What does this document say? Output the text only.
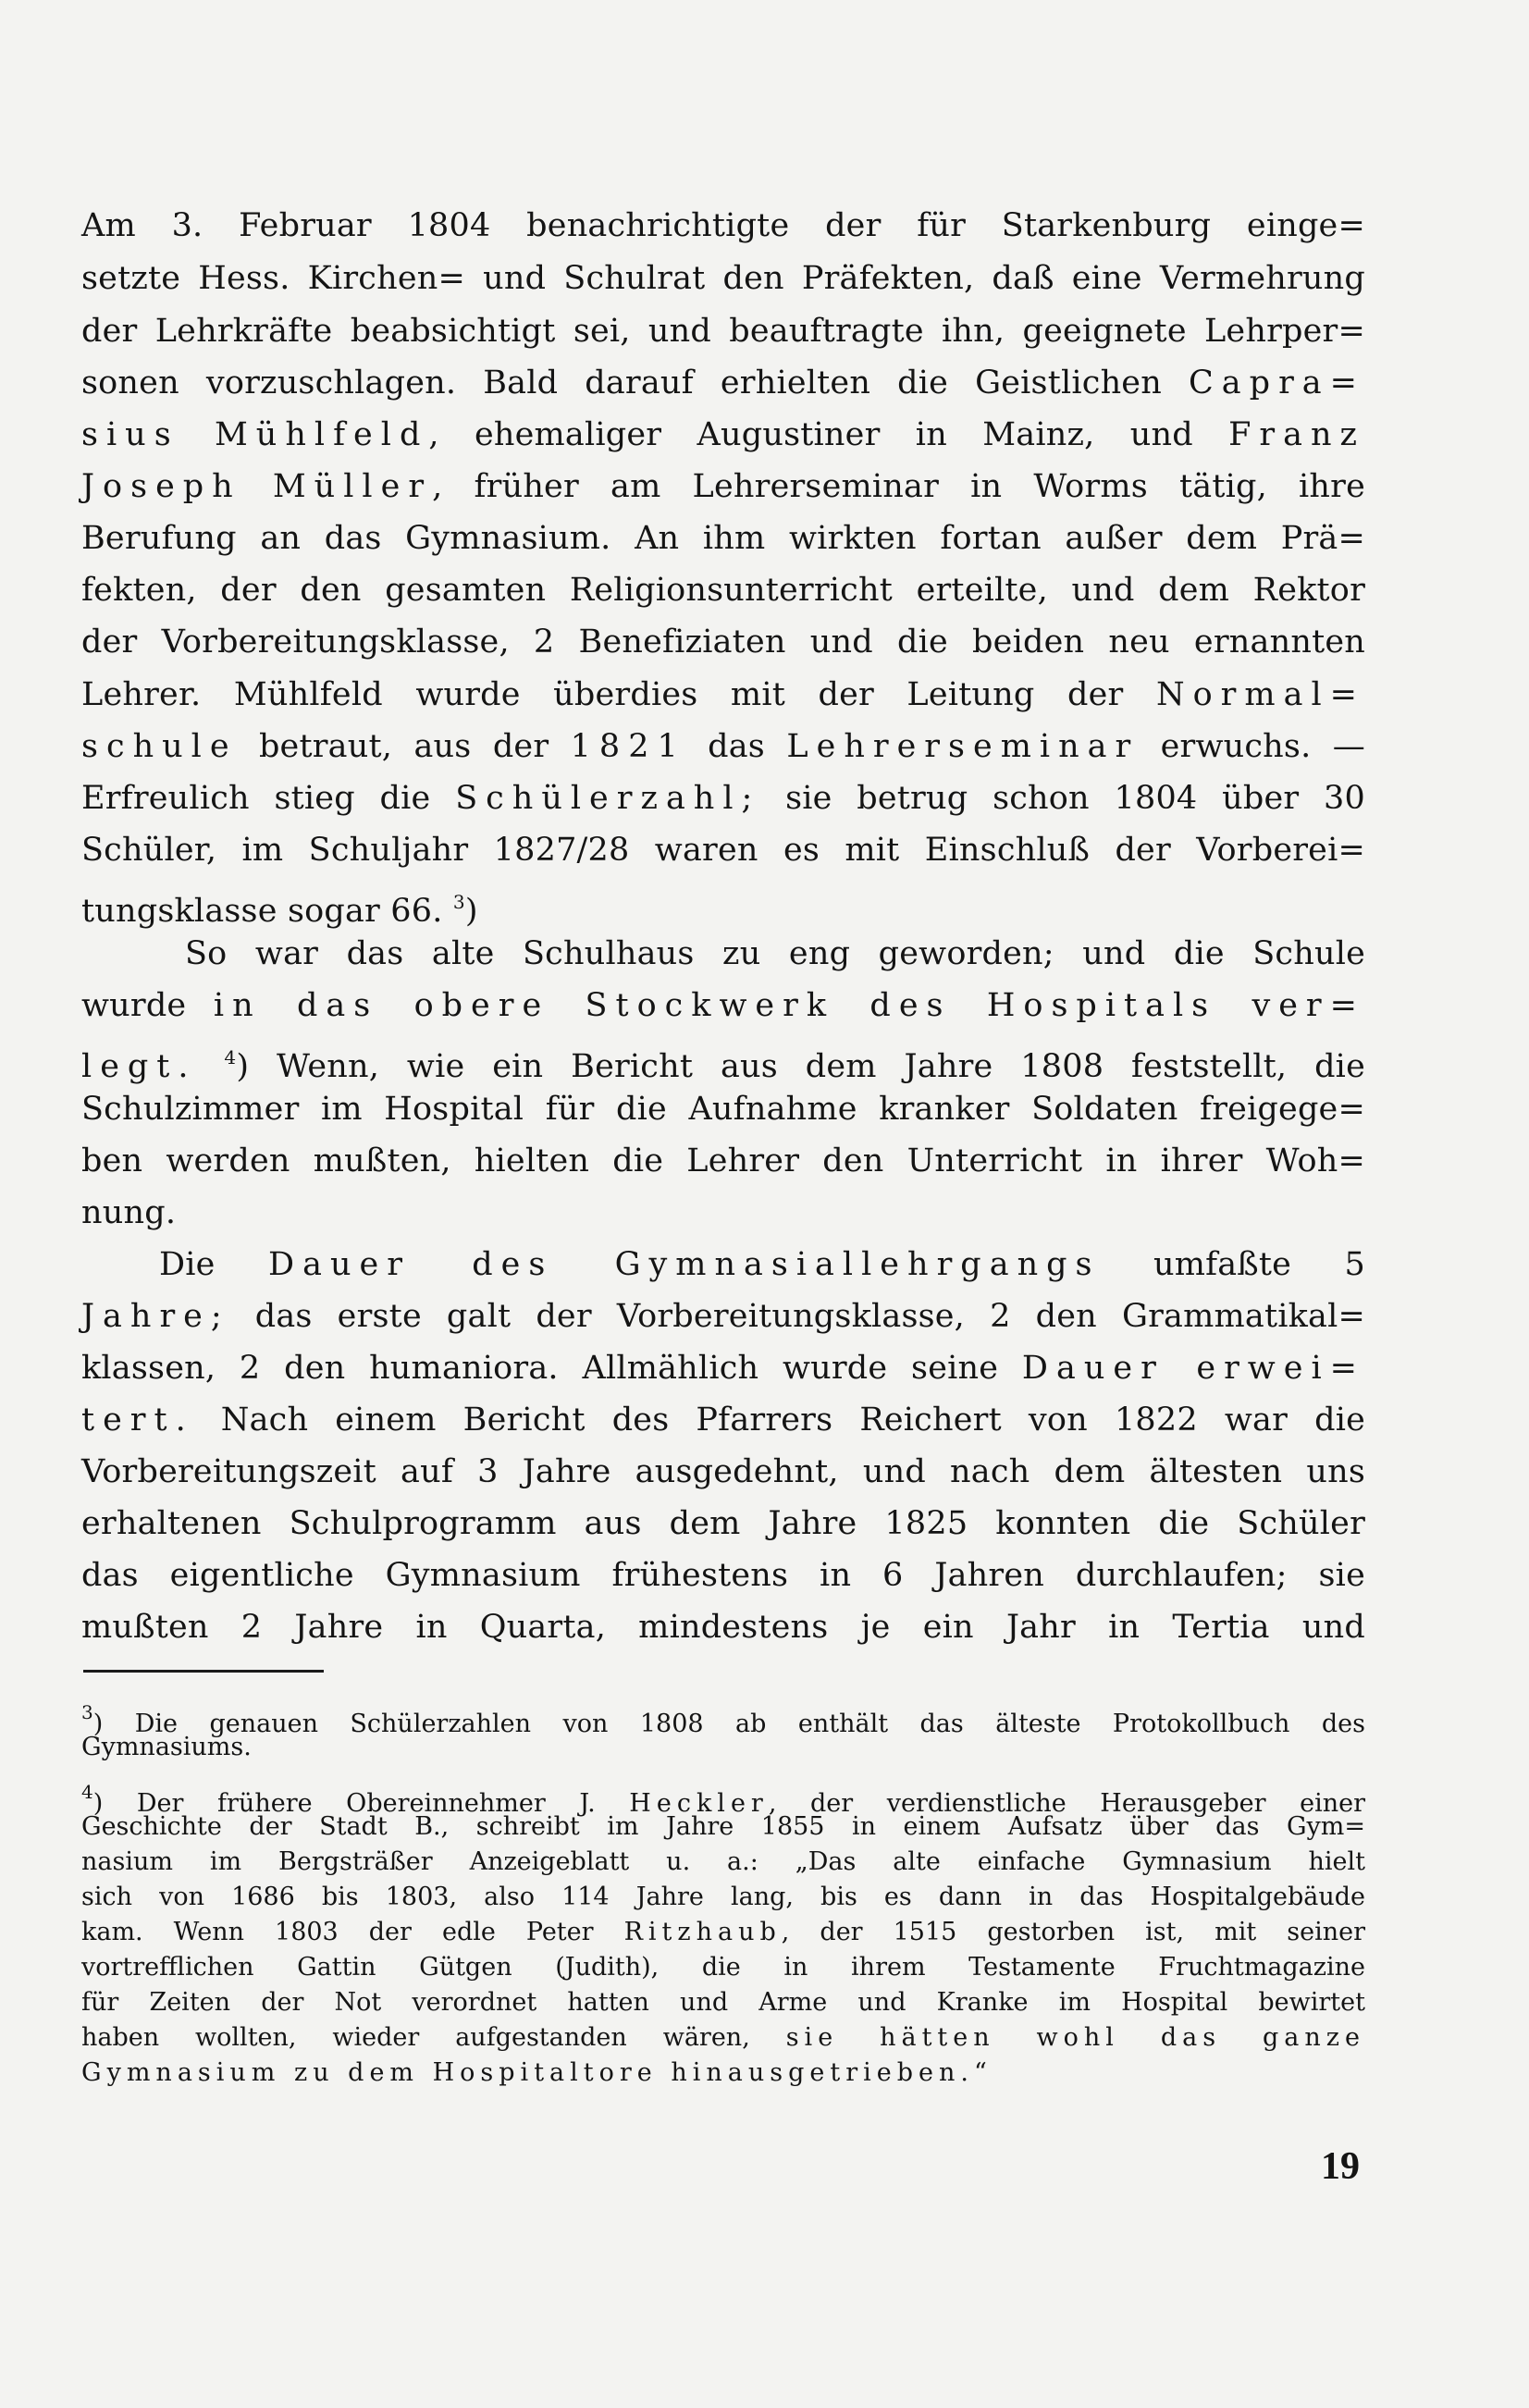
Am 3. Februar 1804 benachrichtigte der für Starkenburg einge=
setzte Hess. Kirchen= und Schulrat den Präfekten, daß eine Vermehrung
der Lehrkräfte beabsichtigt sei, und beauftragte ihn, geeignete Lehrper=
sonen vorzuschlagen. Bald darauf erhielten die Geistlichen Capra=
sius Mühlfeld, ehemaliger Augustiner in Mainz, und Franz
Joseph Müller, früher am Lehrerseminar in Worms tätig, ihre
Berufung an das Gymnasium. An ihm wirkten fortan außer dem Prä=
fekten, der den gesamten Religionsunterricht erteilte, und dem Rektor
der Vorbereitungsklasse, 2 Benefiziaten und die beiden neu ernannten
Lehrer. Mühlfeld wurde überdies mit der Leitung der Normal=
schule betraut, aus der 1821 das Lehrerseminar erwuchs. —
Erfreulich stieg die Schülerzahl; sie betrug schon 1804 über 30
Schüler, im Schuljahr 1827/28 waren es mit Einschluß der Vorberei=
tungsklasse sogar 66. $^3$)
So war das alte Schulhaus zu eng geworden; und die Schule
wurde in das obere Stockwerk des Hospitals ver=
legt. $^4$) Wenn, wie ein Bericht aus dem Jahre 1808 feststellt, die
Schulzimmer im Hospital für die Aufnahme kranker Soldaten freigege=
ben werden mußten, hielten die Lehrer den Unterricht in ihrer Woh=
nung.
Die Dauer des Gymnasiallehrgangs umfaßte 5
Jahre; das erste galt der Vorbereitungsklasse, 2 den Grammatikal=
klassen, 2 den humaniora. Allmählich wurde seine Dauer erwei=
tert. Nach einem Bericht des Pfarrers Reichert von 1822 war die
Vorbereitungszeit auf 3 Jahre ausgedehnt, und nach dem ältesten uns
erhaltenen Schulprogramm aus dem Jahre 1825 konnten die Schüler
das eigentliche Gymnasium frühestens in 6 Jahren durchlaufen; sie
mußten 2 Jahre in Quarta, mindestens je ein Jahr in Tertia und
$^3$) Die genauen Schülerzahlen von 1808 ab enthält das älteste Protokollbuch des
Gymnasiums.
$^4$) Der frühere Obereinnehmer J. Heckler, der verdienstliche Herausgeber einer
Geschichte der Stadt B., schreibt im Jahre 1855 in einem Aufsatz über das Gym=
nasium im Bergsträßer Anzeigeblatt u. a.: „Das alte einfache Gymnasium hielt
sich von 1686 bis 1803, also 114 Jahre lang, bis es dann in das Hospitalgebäude
kam. Wenn 1803 der edle Peter Ritzhaub, der 1515 gestorben ist, mit seiner
vortrefflichen Gattin Gütgen (Judith), die in ihrem Testamente Fruchtmagazine
für Zeiten der Not verordnet hatten und Arme und Kranke im Hospital bewirtet
haben wollten, wieder aufgestanden wären, sie hätten wohl das ganze
Gymnasium zu dem Hospitaltore hinausgetrieben.“
19
